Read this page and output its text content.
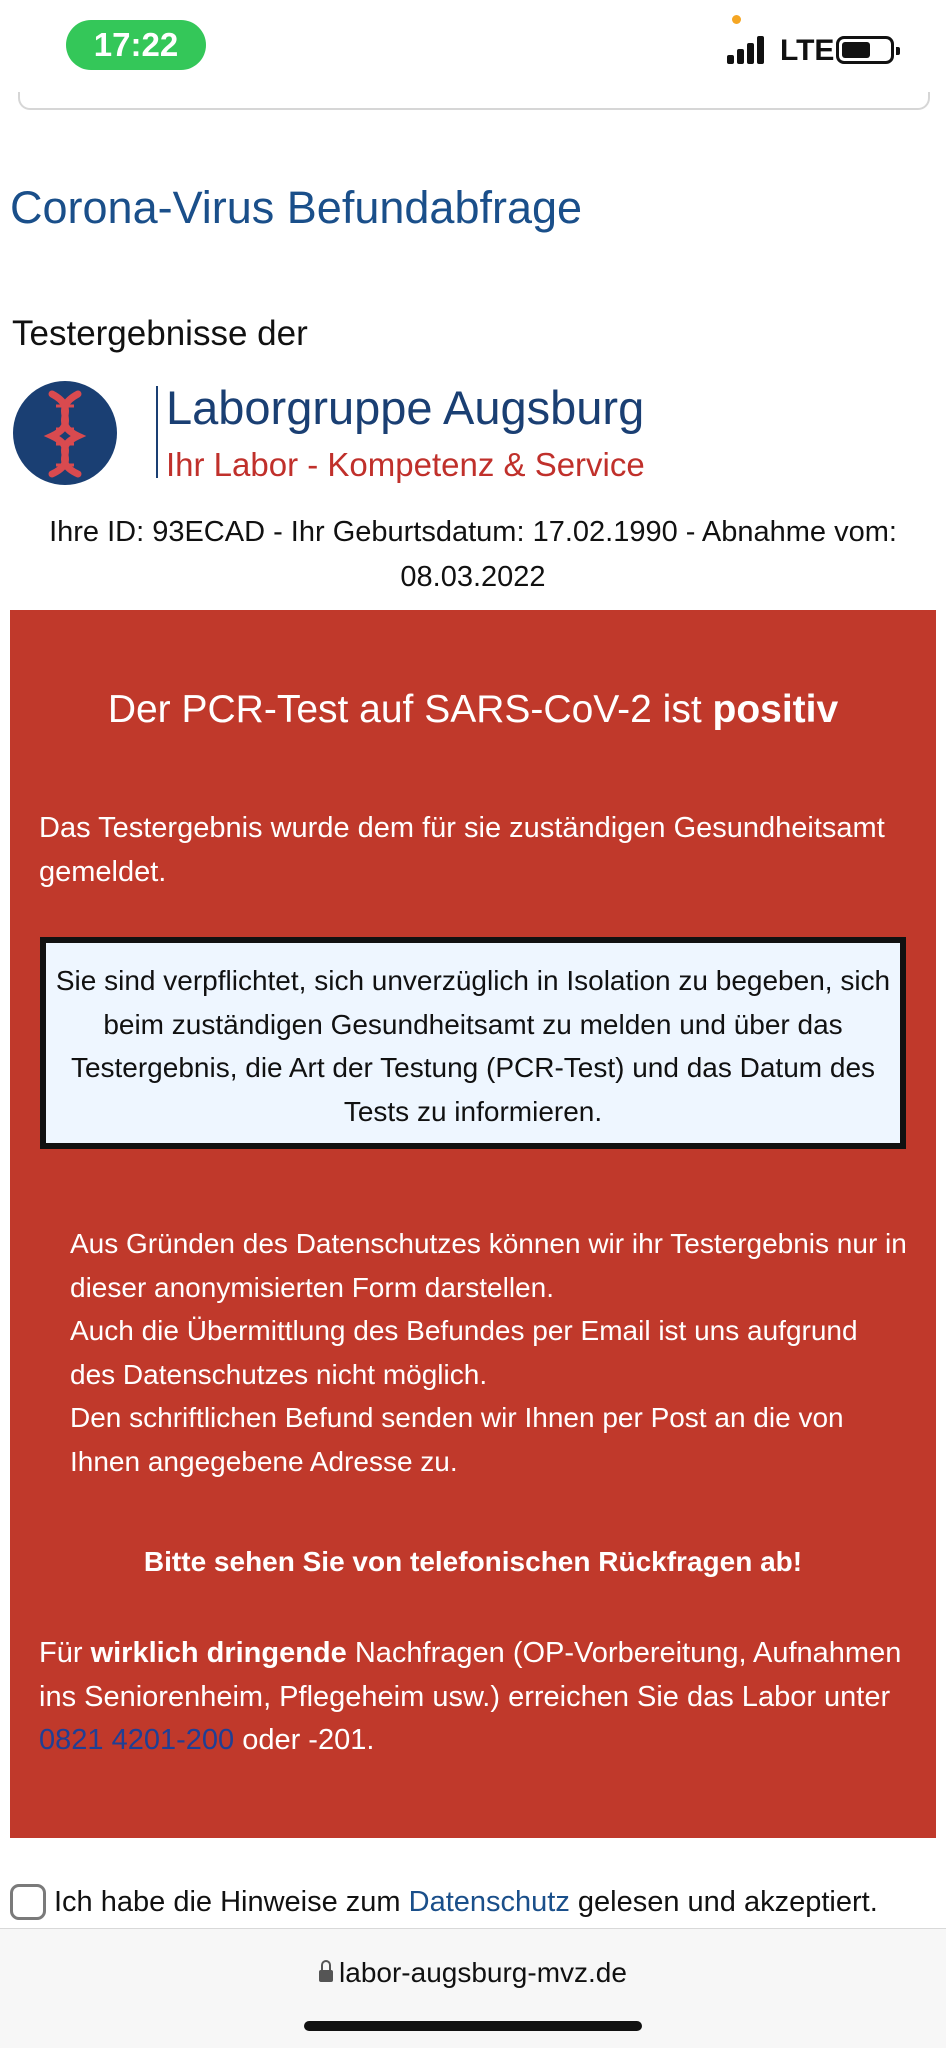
17:22	LTE
Corona-Virus Befundabfrage
Testergebnisse der
Laborgruppe Augsburg
Ihr Labor - Kompetenz & Service
Ihre ID: 93ECAD - Ihr Geburtsdatum: 17.02.1990 - Abnahme vom: 08.03.2022
Der PCR-Test auf SARS-CoV-2 ist positiv
Das Testergebnis wurde dem für sie zuständigen Gesundheitsamt gemeldet.
Sie sind verpflichtet, sich unverzüglich in Isolation zu begeben, sich beim zuständigen Gesundheitsamt zu melden und über das Testergebnis, die Art der Testung (PCR-Test) und das Datum des Tests zu informieren.
Aus Gründen des Datenschutzes können wir ihr Testergebnis nur in dieser anonymisierten Form darstellen.
Auch die Übermittlung des Befundes per Email ist uns aufgrund des Datenschutzes nicht möglich.
Den schriftlichen Befund senden wir Ihnen per Post an die von Ihnen angegebene Adresse zu.
Bitte sehen Sie von telefonischen Rückfragen ab!
Für wirklich dringende Nachfragen (OP-Vorbereitung, Aufnahmen ins Seniorenheim, Pflegeheim usw.) erreichen Sie das Labor unter 0821 4201-200 oder -201.
Ich habe die Hinweise zum Datenschutz gelesen und akzeptiert.
labor-augsburg-mvz.de
